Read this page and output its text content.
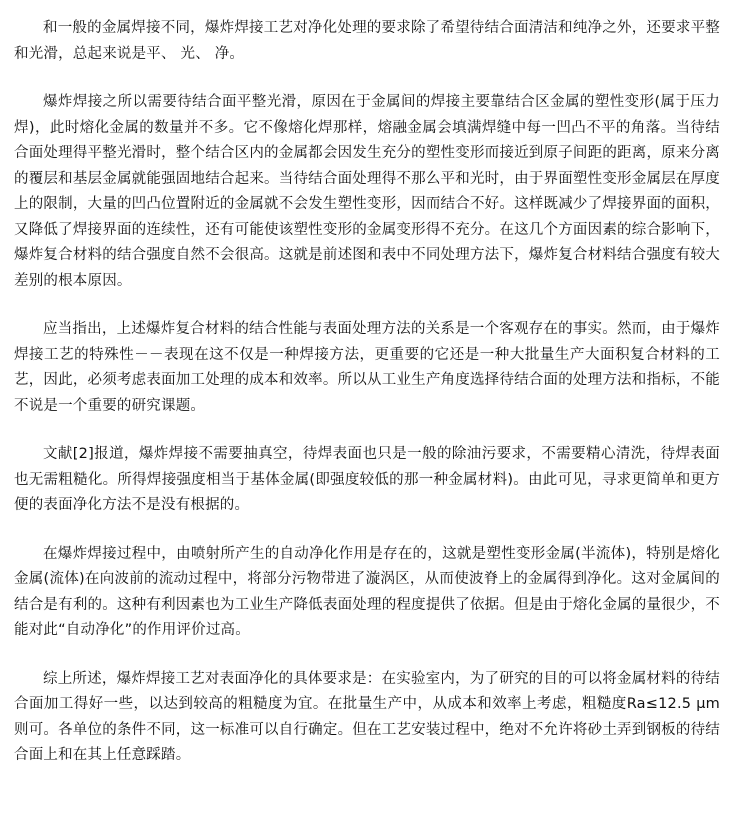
和一般的金属焊接不同，爆炸焊接工艺对净化处理的要求除了希望待结合面清洁和纯净之外，还要求平整和光滑，总起来说是平、 光、 净。

爆炸焊接之所以需要待结合面平整光滑，原因在于金属间的焊接主要靠结合区金属的塑性变形(属于压力焊)，此时熔化金属的数量并不多。它不像熔化焊那样，熔融金属会填满焊缝中每一凹凸不平的角落。当待结合面处理得平整光滑时，整个结合区内的金属都会因发生充分的塑性变形而接近到原子间距的距离，原来分离的覆层和基层金属就能强固地结合起来。当待结合面处理得不那么平和光时，由于界面塑性变形金属层在厚度上的限制，大量的凹凸位置附近的金属就不会发生塑性变形，因而结合不好。这样既减少了焊接界面的面积，又降低了焊接界面的连续性，还有可能使该塑性变形的金属变形得不充分。在这几个方面因素的综合影响下，爆炸复合材料的结合强度自然不会很高。这就是前述图和表中不同处理方法下，爆炸复合材料结合强度有较大差别的根本原因。

应当指出，上述爆炸复合材料的结合性能与表面处理方法的关系是一个客观存在的事实。然而，由于爆炸焊接工艺的特殊性－－表现在这不仅是一种焊接方法，更重要的它还是一种大批量生产大面积复合材料的工艺，因此，必须考虑表面加工处理的成本和效率。所以从工业生产角度选择待结合面的处理方法和指标，不能不说是一个重要的研究课题。

文献[2]报道，爆炸焊接不需要抽真空，待焊表面也只是一般的除油污要求，不需要精心清洗，待焊表面也无需粗糙化。所得焊接强度相当于基体金属(即强度较低的那一种金属材料)。由此可见，寻求更简单和更方便的表面净化方法不是没有根据的。

在爆炸焊接过程中，由喷射所产生的自动净化作用是存在的，这就是塑性变形金属(半流体)，特别是熔化金属(流体)在向波前的流动过程中，将部分污物带进了漩涡区，从而使波脊上的金属得到净化。这对金属间的结合是有利的。这种有利因素也为工业生产降低表面处理的程度提供了依据。但是由于熔化金属的量很少，不能对此“自动净化”的作用评价过高。

综上所述，爆炸焊接工艺对表面净化的具体要求是：在实验室内，为了研究的目的可以将金属材料的待结合面加工得好一些，以达到较高的粗糙度为宜。在批量生产中，从成本和效率上考虑，粗糙度Ra≤12.5 μm则可。各单位的条件不同，这一标准可以自行确定。但在工艺安装过程中，绝对不允许将砂土弄到钢板的待结合面上和在其上任意踩踏。
